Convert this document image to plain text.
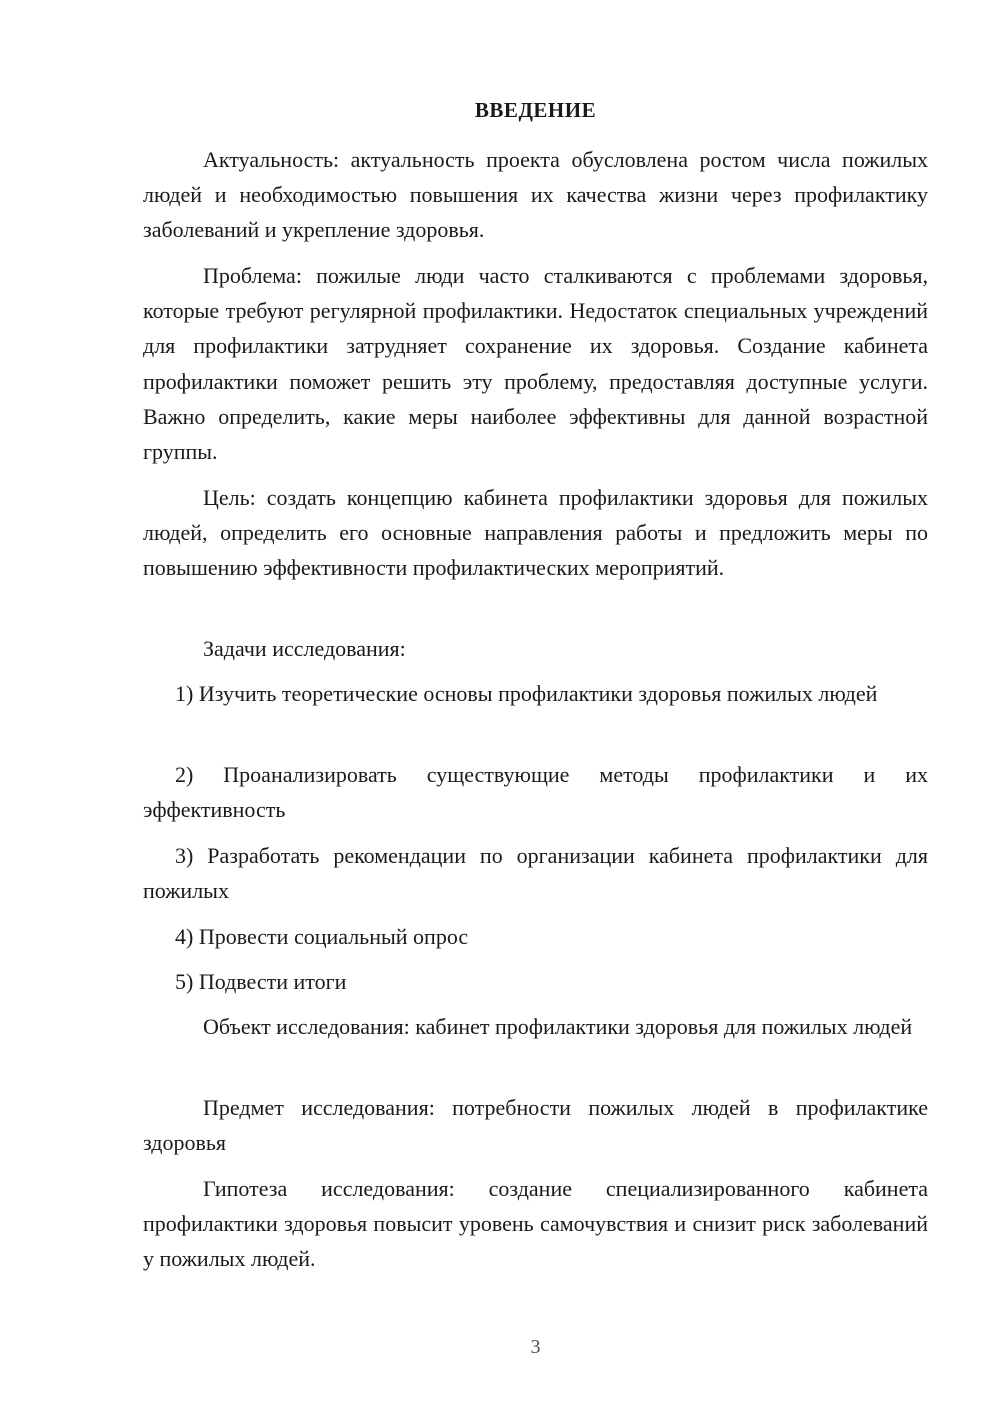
ВВЕДЕНИЕ

Актуальность: актуальность проекта обусловлена ростом числа пожилых людей и необходимостью повышения их качества жизни через профилактику заболеваний и укрепление здоровья.

Проблема: пожилые люди часто сталкиваются с проблемами здоровья, которые требуют регулярной профилактики. Недостаток специальных учреждений для профилактики затрудняет сохранение их здоровья. Создание кабинета профилактики поможет решить эту проблему, предоставляя доступные услуги. Важно определить, какие меры наиболее эффективны для данной возрастной группы.

Цель: создать концепцию кабинета профилактики здоровья для пожилых людей, определить его основные направления работы и предложить меры по повышению эффективности профилактических мероприятий.

Задачи исследования:

1) Изучить теоретические основы профилактики здоровья пожилых людей

2) Проанализировать существующие методы профилактики и их эффективность

3) Разработать рекомендации по организации кабинета профилактики для пожилых

4) Провести социальный опрос

5) Подвести итоги

Объект исследования: кабинет профилактики здоровья для пожилых людей

Предмет исследования: потребности пожилых людей в профилактике здоровья

Гипотеза исследования: создание специализированного кабинета профилактики здоровья повысит уровень самочувствия и снизит риск заболеваний у пожилых людей.

3
